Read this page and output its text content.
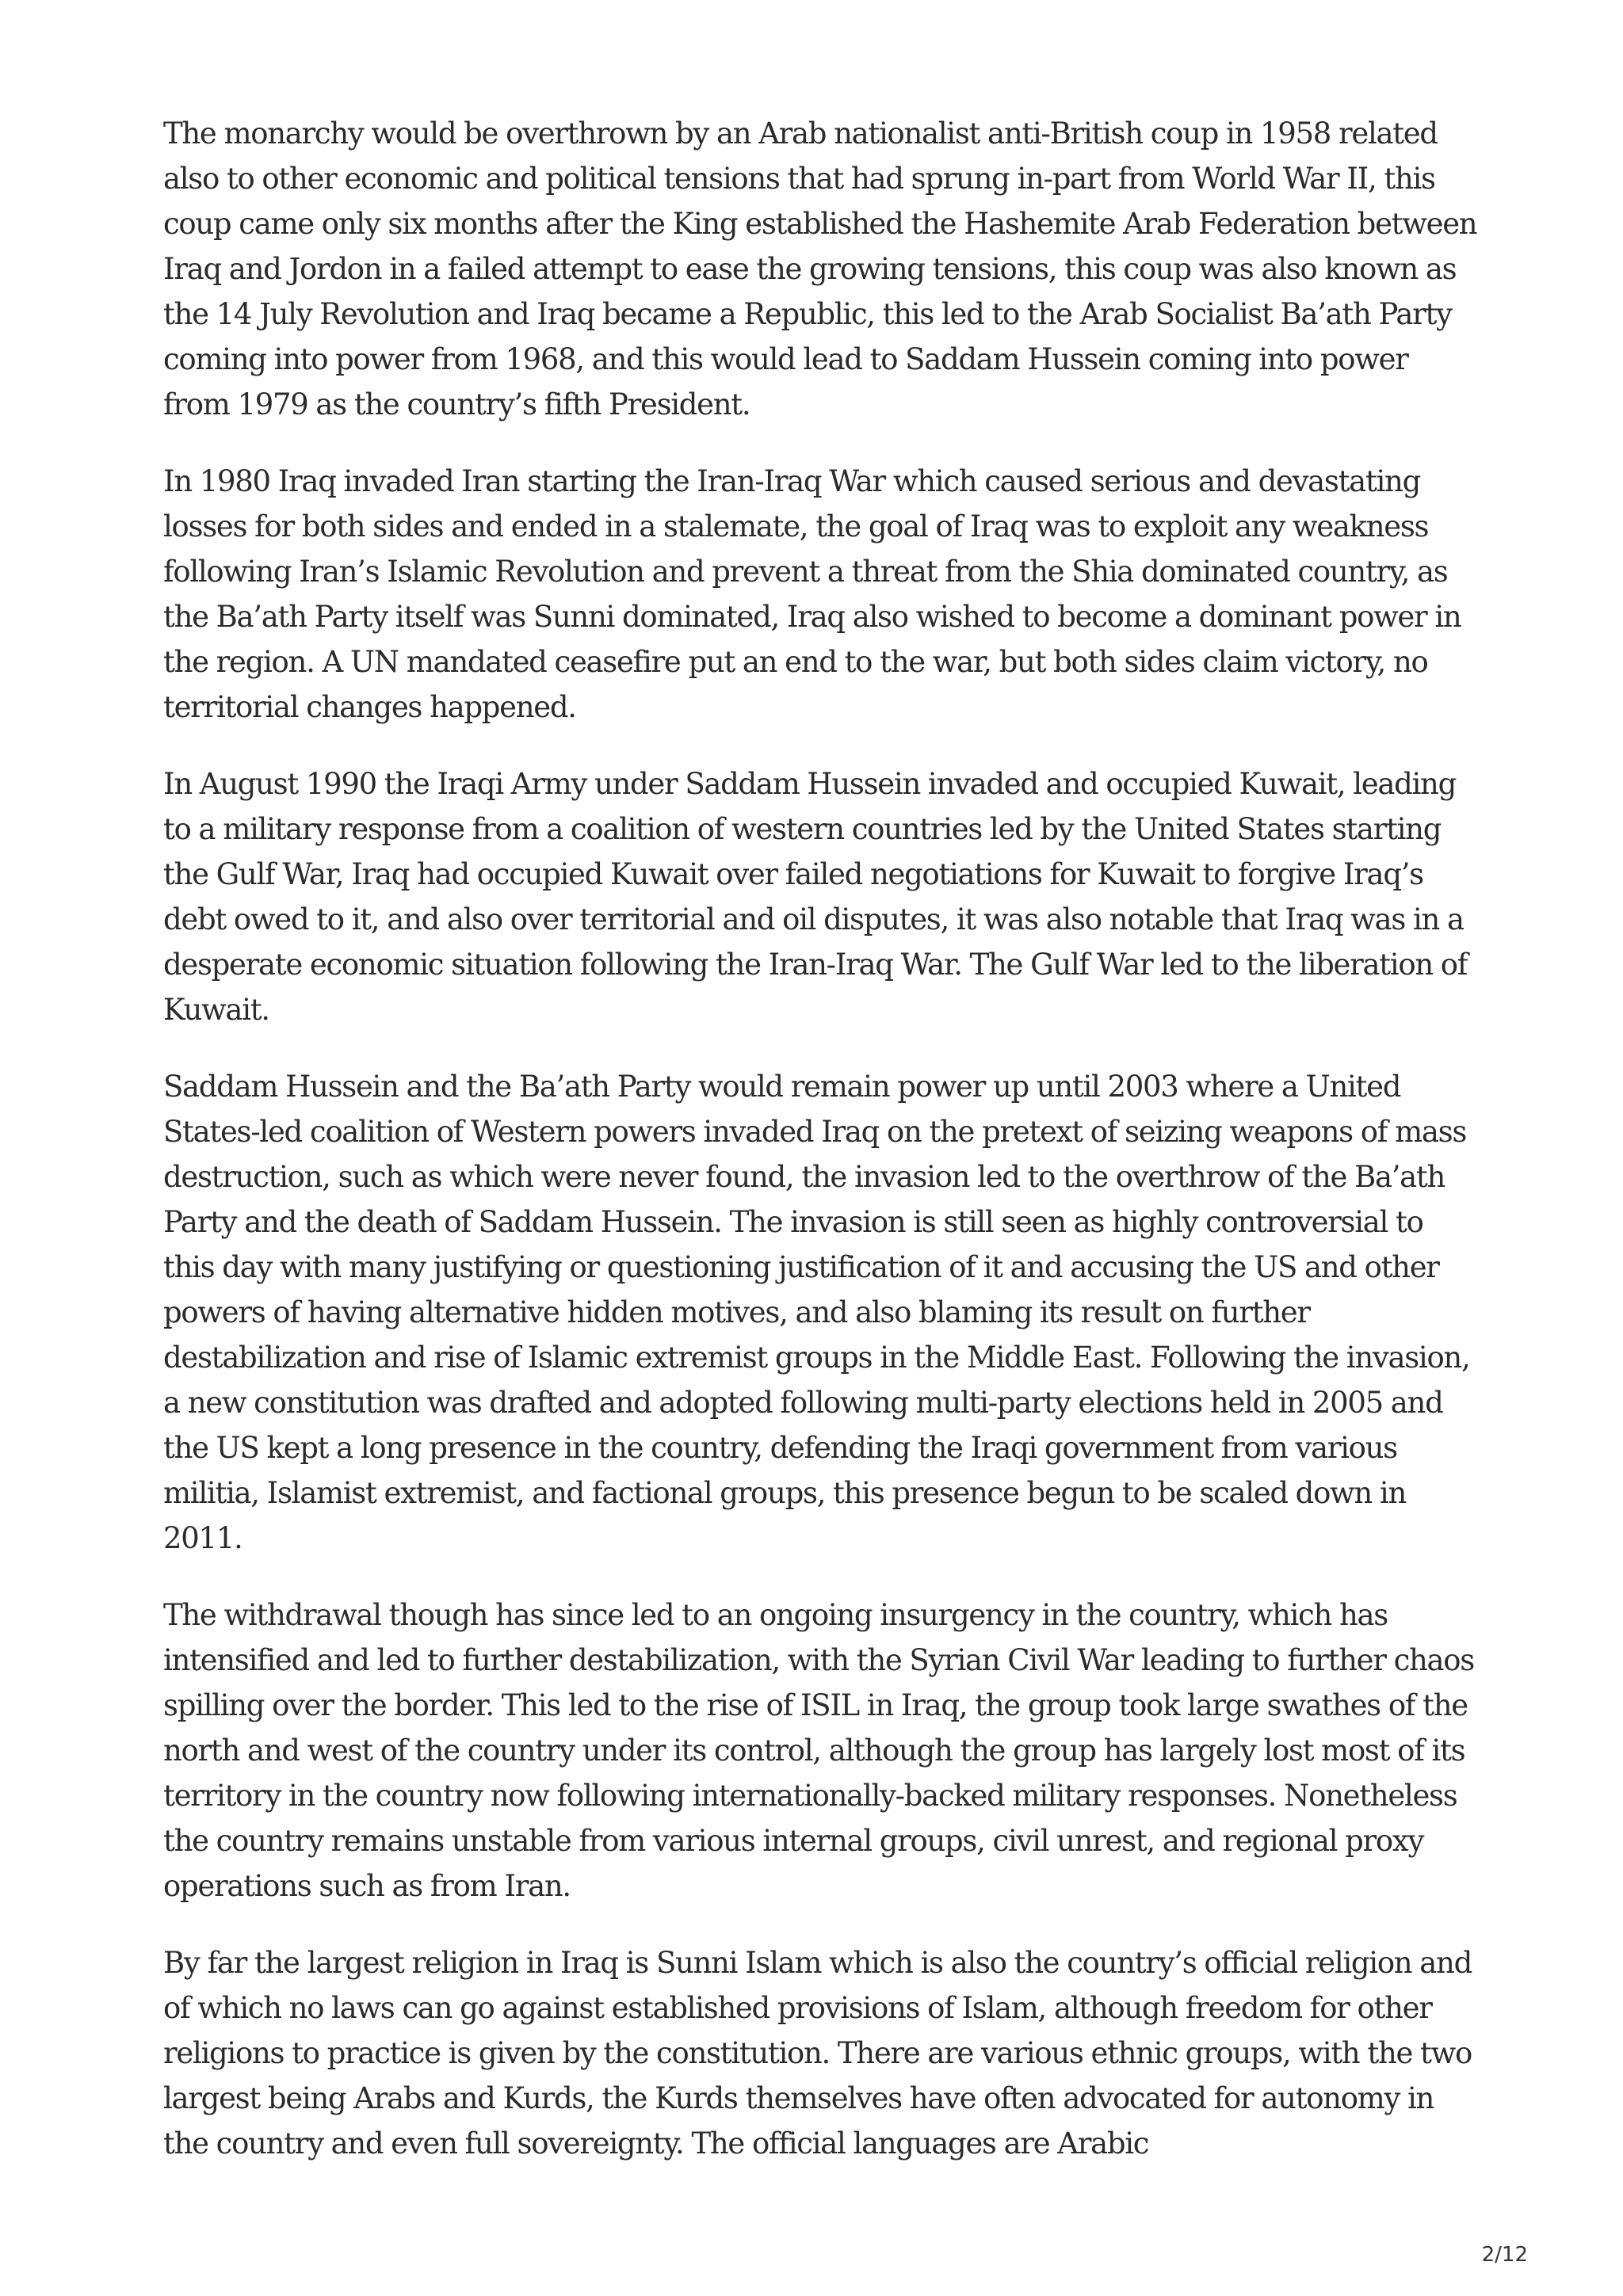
The monarchy would be overthrown by an Arab nationalist anti-British coup in 1958 related also to other economic and political tensions that had sprung in-part from World War II, this coup came only six months after the King established the Hashemite Arab Federation between Iraq and Jordon in a failed attempt to ease the growing tensions, this coup was also known as the 14 July Revolution and Iraq became a Republic, this led to the Arab Socialist Ba’ath Party coming into power from 1968, and this would lead to Saddam Hussein coming into power from 1979 as the country’s fifth President.

In 1980 Iraq invaded Iran starting the Iran-Iraq War which caused serious and devastating losses for both sides and ended in a stalemate, the goal of Iraq was to exploit any weakness following Iran’s Islamic Revolution and prevent a threat from the Shia dominated country, as the Ba’ath Party itself was Sunni dominated, Iraq also wished to become a dominant power in the region. A UN mandated ceasefire put an end to the war, but both sides claim victory, no territorial changes happened.

In August 1990 the Iraqi Army under Saddam Hussein invaded and occupied Kuwait, leading to a military response from a coalition of western countries led by the United States starting the Gulf War, Iraq had occupied Kuwait over failed negotiations for Kuwait to forgive Iraq’s debt owed to it, and also over territorial and oil disputes, it was also notable that Iraq was in a desperate economic situation following the Iran-Iraq War. The Gulf War led to the liberation of Kuwait.

Saddam Hussein and the Ba’ath Party would remain power up until 2003 where a United States-led coalition of Western powers invaded Iraq on the pretext of seizing weapons of mass destruction, such as which were never found, the invasion led to the overthrow of the Ba’ath Party and the death of Saddam Hussein. The invasion is still seen as highly controversial to this day with many justifying or questioning justification of it and accusing the US and other powers of having alternative hidden motives, and also blaming its result on further destabilization and rise of Islamic extremist groups in the Middle East. Following the invasion, a new constitution was drafted and adopted following multi-party elections held in 2005 and the US kept a long presence in the country, defending the Iraqi government from various militia, Islamist extremist, and factional groups, this presence begun to be scaled down in 2011.

The withdrawal though has since led to an ongoing insurgency in the country, which has intensified and led to further destabilization, with the Syrian Civil War leading to further chaos spilling over the border. This led to the rise of ISIL in Iraq, the group took large swathes of the north and west of the country under its control, although the group has largely lost most of its territory in the country now following internationally-backed military responses. Nonetheless the country remains unstable from various internal groups, civil unrest, and regional proxy operations such as from Iran.

By far the largest religion in Iraq is Sunni Islam which is also the country’s official religion and of which no laws can go against established provisions of Islam, although freedom for other religions to practice is given by the constitution. There are various ethnic groups, with the two largest being Arabs and Kurds, the Kurds themselves have often advocated for autonomy in the country and even full sovereignty. The official languages are Arabic

2/12
